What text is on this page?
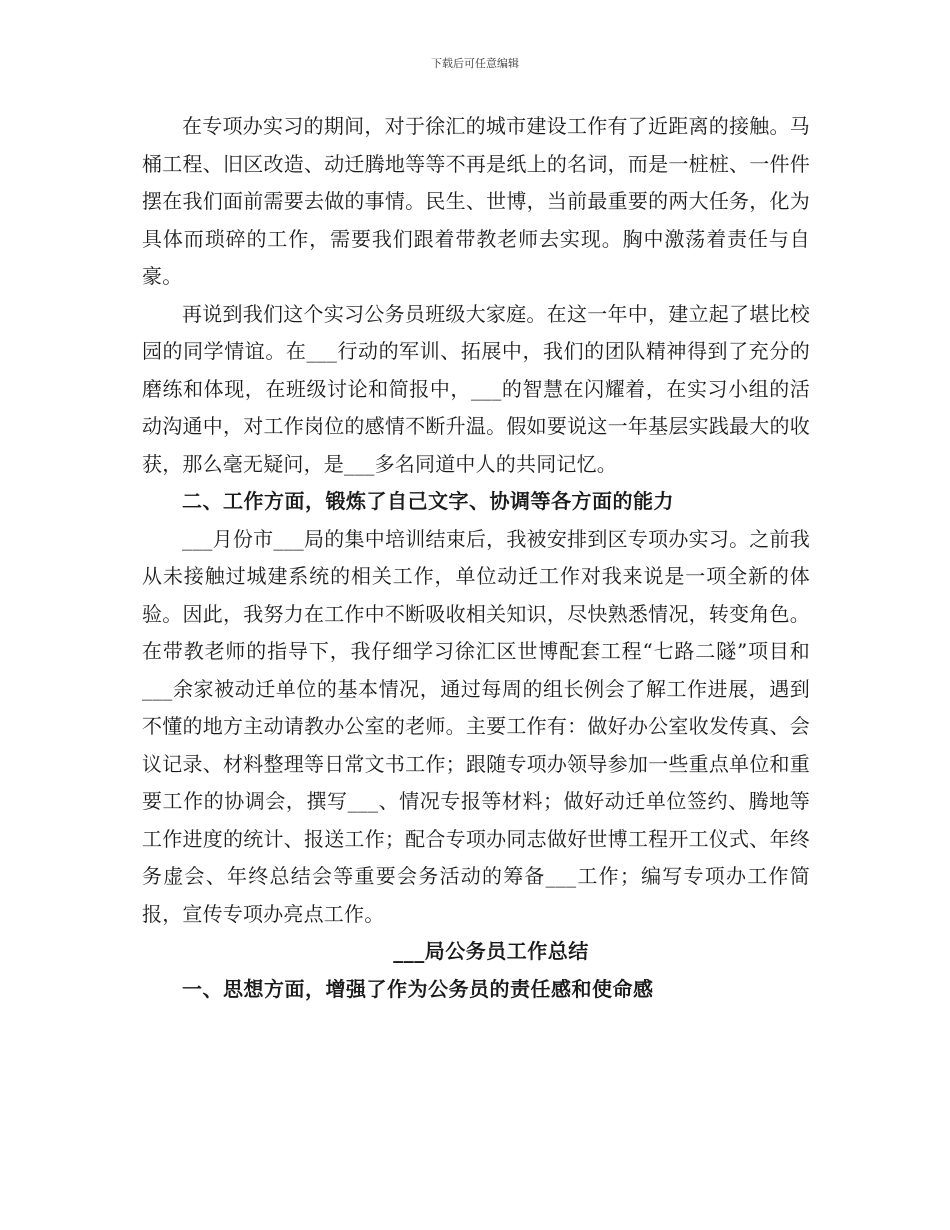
下载后可任意编辑

在专项办实习的期间，对于徐汇的城市建设工作有了近距离的接触。马桶工程、旧区改造、动迁腾地等等不再是纸上的名词，而是一桩桩、一件件摆在我们面前需要去做的事情。民生、世博，当前最重要的两大任务，化为具体而琐碎的工作，需要我们跟着带教老师去实现。胸中激荡着责任与自豪。

再说到我们这个实习公务员班级大家庭。在这一年中，建立起了堪比校园的同学情谊。在___行动的军训、拓展中，我们的团队精神得到了充分的磨练和体现，在班级讨论和简报中，___的智慧在闪耀着，在实习小组的活动沟通中，对工作岗位的感情不断升温。假如要说这一年基层实践最大的收获，那么毫无疑问，是___多名同道中人的共同记忆。

二、工作方面，锻炼了自己文字、协调等各方面的能力

___月份市___局的集中培训结束后，我被安排到区专项办实习。之前我从未接触过城建系统的相关工作，单位动迁工作对我来说是一项全新的体验。因此，我努力在工作中不断吸收相关知识，尽快熟悉情况，转变角色。在带教老师的指导下，我仔细学习徐汇区世博配套工程“七路二隧”项目和___余家被动迁单位的基本情况，通过每周的组长例会了解工作进展，遇到不懂的地方主动请教办公室的老师。主要工作有：做好办公室收发传真、会议记录、材料整理等日常文书工作；跟随专项办领导参加一些重点单位和重要工作的协调会，撰写___、情况专报等材料；做好动迁单位签约、腾地等工作进度的统计、报送工作；配合专项办同志做好世博工程开工仪式、年终务虚会、年终总结会等重要会务活动的筹备___工作；编写专项办工作简报，宣传专项办亮点工作。

___局公务员工作总结

一、思想方面，增强了作为公务员的责任感和使命感
